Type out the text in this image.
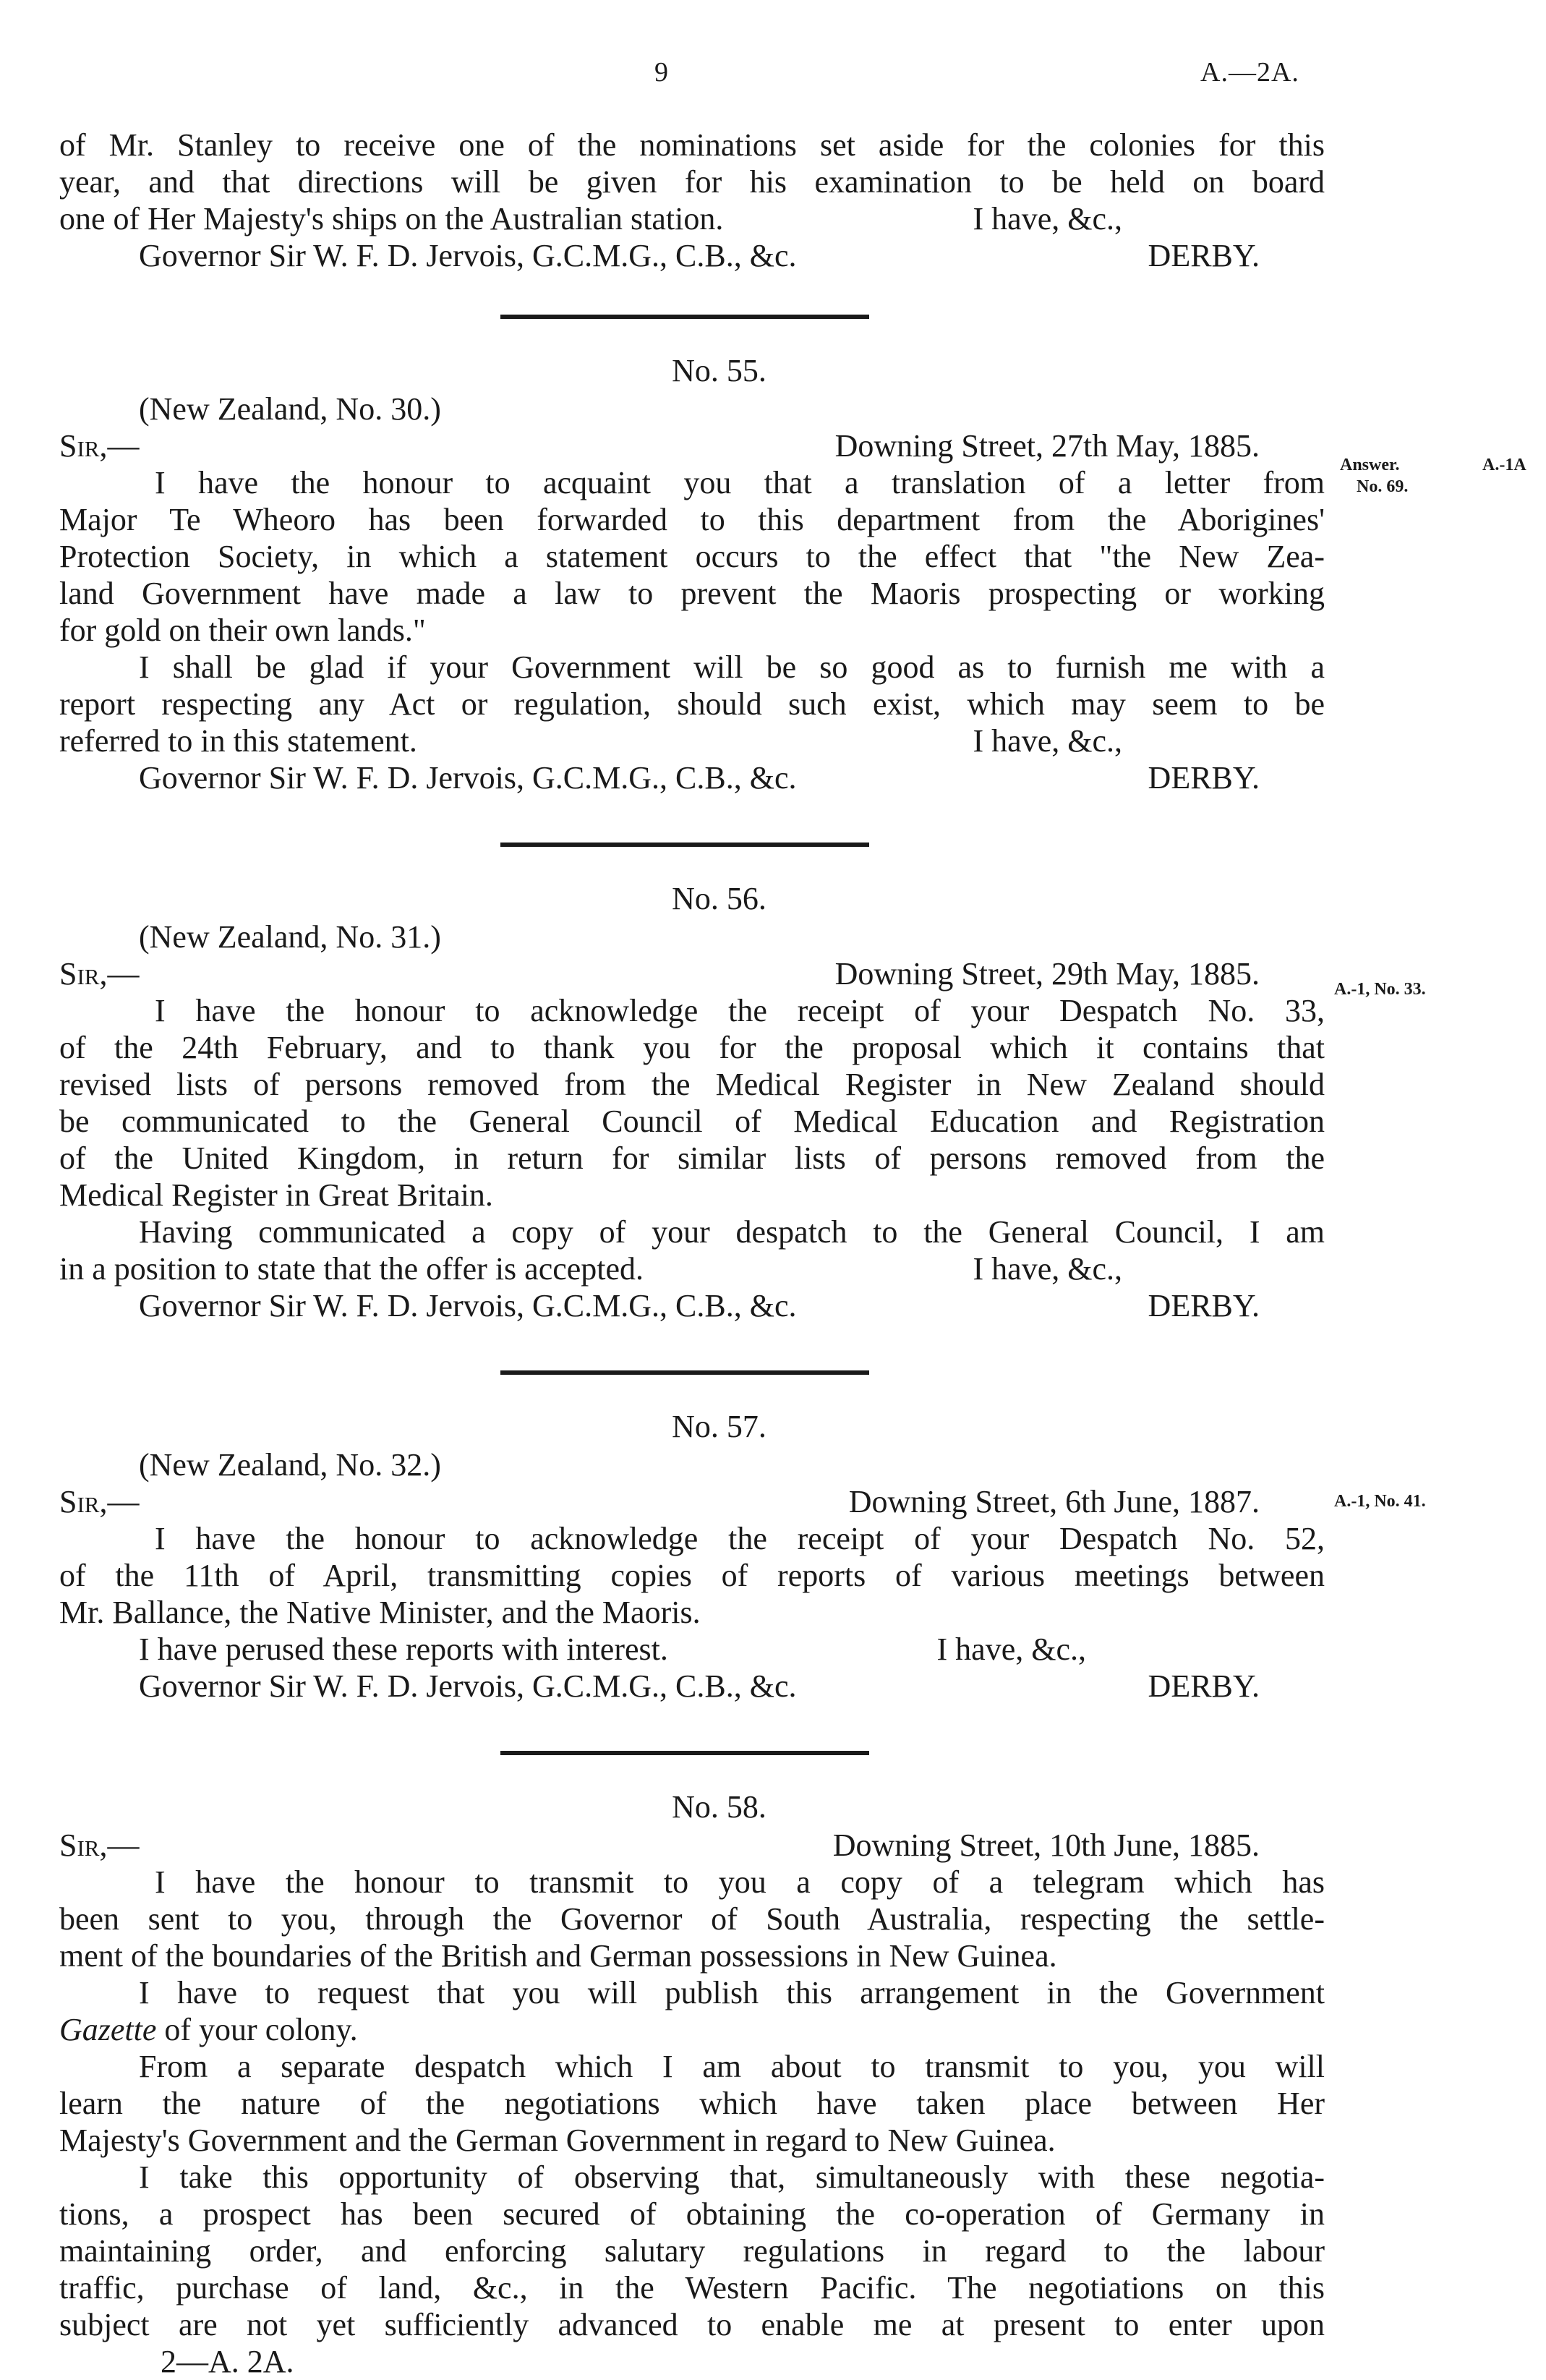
9	A.—2A.
Answer.
No. 69.
A.-1A
A.-1, No. 33.
A.-1, No. 41.
of Mr. Stanley to receive one of the nominations set aside for the colonies for this
year, and that directions will be given for his examination to be held on board
one of Her Majesty's ships on the Australian station.	I have, &c.,
Governor Sir W. F. D. Jervois, G.C.M.G., C.B., &c.	DERBY.
No. 55.
(New Zealand, No. 30.)
Sir,—	Downing Street, 27th May, 1885.
I have the honour to acquaint you that a translation of a letter from
Major Te Wheoro has been forwarded to this department from the Aborigines'
Protection Society, in which a statement occurs to the effect that "the New Zea-
land Government have made a law to prevent the Maoris prospecting or working
for gold on their own lands."
I shall be glad if your Government will be so good as to furnish me with a
report respecting any Act or regulation, should such exist, which may seem to be
referred to in this statement.	I have, &c.,
Governor Sir W. F. D. Jervois, G.C.M.G., C.B., &c.	DERBY.
No. 56.
(New Zealand, No. 31.)
Sir,—	Downing Street, 29th May, 1885.
I have the honour to acknowledge the receipt of your Despatch No. 33,
of the 24th February, and to thank you for the proposal which it contains that
revised lists of persons removed from the Medical Register in New Zealand should
be communicated to the General Council of Medical Education and Registration
of the United Kingdom, in return for similar lists of persons removed from the
Medical Register in Great Britain.
Having communicated a copy of your despatch to the General Council, I am
in a position to state that the offer is accepted.	I have, &c.,
Governor Sir W. F. D. Jervois, G.C.M.G., C.B., &c.	DERBY.
No. 57.
(New Zealand, No. 32.)
Sir,—	Downing Street, 6th June, 1887.
I have the honour to acknowledge the receipt of your Despatch No. 52,
of the 11th of April, transmitting copies of reports of various meetings between
Mr. Ballance, the Native Minister, and the Maoris.
I have perused these reports with interest.	I have, &c.,
Governor Sir W. F. D. Jervois, G.C.M.G., C.B., &c.	DERBY.
No. 58.
Sir,—	Downing Street, 10th June, 1885.
I have the honour to transmit to you a copy of a telegram which has
been sent to you, through the Governor of South Australia, respecting the settle-
ment of the boundaries of the British and German possessions in New Guinea.
I have to request that you will publish this arrangement in the Government
Gazette of your colony.
From a separate despatch which I am about to transmit to you, you will
learn the nature of the negotiations which have taken place between Her
Majesty's Government and the German Government in regard to New Guinea.
I take this opportunity of observing that, simultaneously with these negotia-
tions, a prospect has been secured of obtaining the co-operation of Germany in
maintaining order, and enforcing salutary regulations in regard to the labour
traffic, purchase of land, &c., in the Western Pacific. The negotiations on this
subject are not yet sufficiently advanced to enable me at present to enter upon
2—A. 2A.
